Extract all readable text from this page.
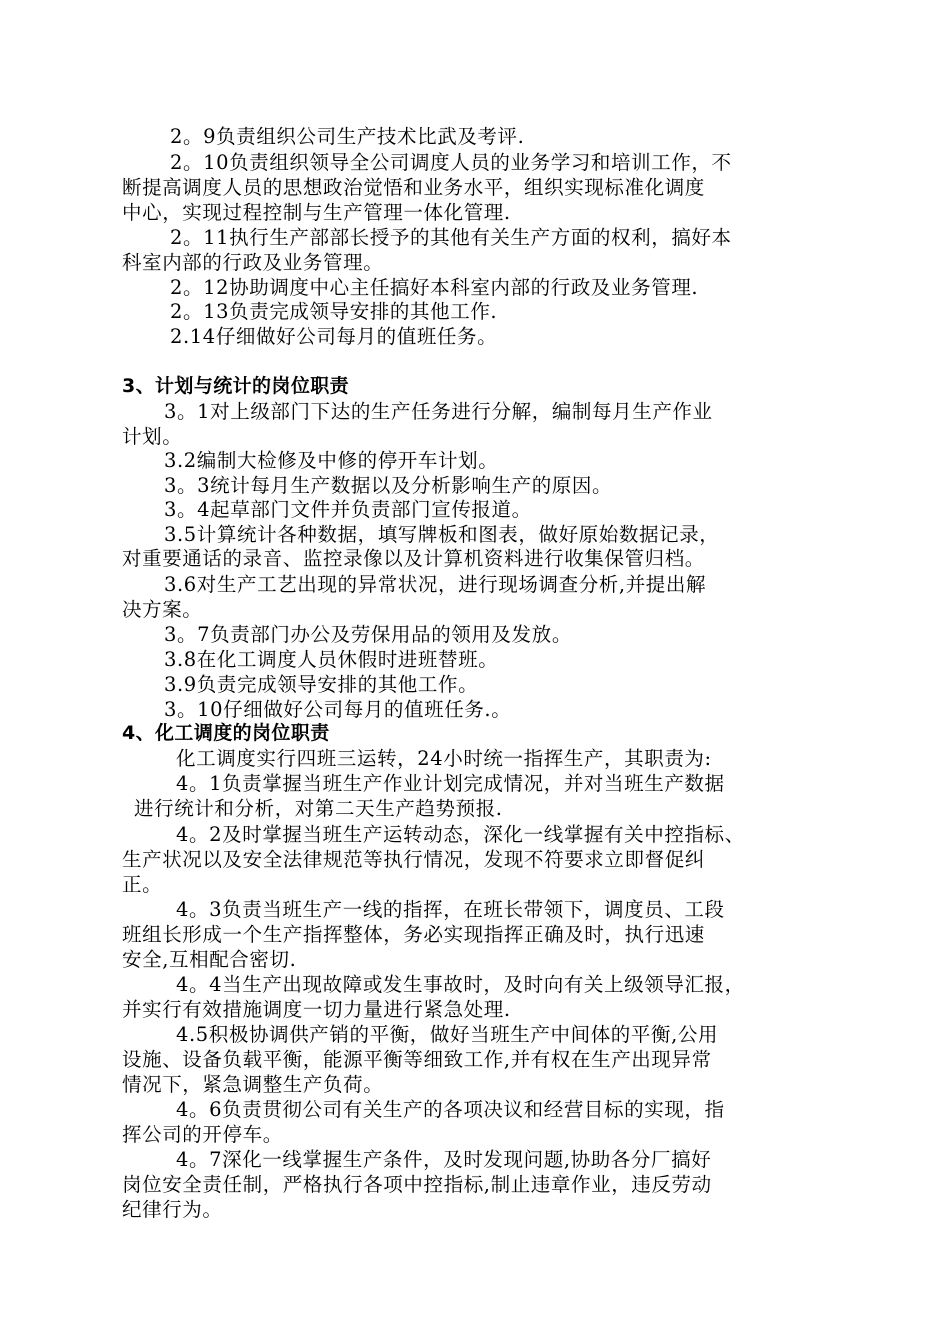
2。9负责组织公司生产技术比武及考评.
2。10负责组织领导全公司调度人员的业务学习和培训工作，不
断提高调度人员的思想政治觉悟和业务水平，组织实现标准化调度
中心，实现过程控制与生产管理一体化管理.
2。11执行生产部部长授予的其他有关生产方面的权利，搞好本
科室内部的行政及业务管理。
2。12协助调度中心主任搞好本科室内部的行政及业务管理.
2。13负责完成领导安排的其他工作.
2.14仔细做好公司每月的值班任务。
3、计划与统计的岗位职责
3。1对上级部门下达的生产任务进行分解，编制每月生产作业
计划。
3.2编制大检修及中修的停开车计划。
3。3统计每月生产数据以及分析影响生产的原因。
3。4起草部门文件并负责部门宣传报道。
3.5计算统计各种数据，填写牌板和图表，做好原始数据记录，
对重要通话的录音、监控录像以及计算机资料进行收集保管归档。
3.6对生产工艺出现的异常状况，进行现场调查分析,并提出解
决方案。
3。7负责部门办公及劳保用品的领用及发放。
3.8在化工调度人员休假时进班替班。
3.9负责完成领导安排的其他工作。
3。10仔细做好公司每月的值班任务.。
4、化工调度的岗位职责
化工调度实行四班三运转，24小时统一指挥生产，其职责为:
4。1负责掌握当班生产作业计划完成情况，并对当班生产数据
进行统计和分析，对第二天生产趋势预报.
4。2及时掌握当班生产运转动态，深化一线掌握有关中控指标、
生产状况以及安全法律规范等执行情况，发现不符要求立即督促纠
正。
4。3负责当班生产一线的指挥，在班长带领下，调度员、工段
班组长形成一个生产指挥整体，务必实现指挥正确及时，执行迅速
安全,互相配合密切.
4。4当生产出现故障或发生事故时，及时向有关上级领导汇报，
并实行有效措施调度一切力量进行紧急处理.
4.5积极协调供产销的平衡，做好当班生产中间体的平衡,公用
设施、设备负载平衡，能源平衡等细致工作,并有权在生产出现异常
情况下，紧急调整生产负荷。
4。6负责贯彻公司有关生产的各项决议和经营目标的实现，指
挥公司的开停车。
4。7深化一线掌握生产条件，及时发现问题,协助各分厂搞好
岗位安全责任制，严格执行各项中控指标,制止违章作业，违反劳动
纪律行为。
